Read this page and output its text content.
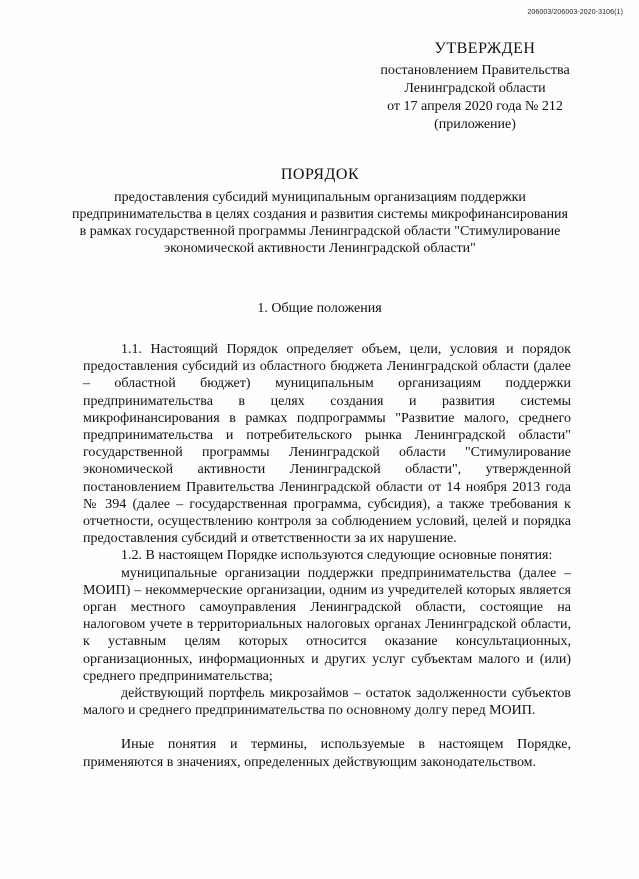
206003/206003-2020-3106(1)
УТВЕРЖДЕН
постановлением Правительства
Ленинградской области
от 17 апреля 2020 года № 212
(приложение)
ПОРЯДОК
предоставления субсидий муниципальным организациям поддержки предпринимательства в целях создания и развития системы микрофинансирования в рамках государственной программы Ленинградской области "Стимулирование экономической активности Ленинградской области"
1. Общие положения

1.1. Настоящий Порядок определяет объем, цели, условия и порядок предоставления субсидий из областного бюджета Ленинградской области (далее – областной бюджет) муниципальным организациям поддержки предпринимательства в целях создания и развития системы микрофинансирования в рамках подпрограммы "Развитие малого, среднего предпринимательства и потребительского рынка Ленинградской области" государственной программы Ленинградской области "Стимулирование экономической активности Ленинградской области", утвержденной постановлением Правительства Ленинградской области от 14 ноября 2013 года № 394 (далее – государственная программа, субсидия), а также требования к отчетности, осуществлению контроля за соблюдением условий, целей и порядка предоставления субсидий и ответственности за их нарушение.

1.2. В настоящем Порядке используются следующие основные понятия:

муниципальные организации поддержки предпринимательства (далее – МОИП) – некоммерческие организации, одним из учредителей которых является орган местного самоуправления Ленинградской области, состоящие на налоговом учете в территориальных налоговых органах Ленинградской области, к уставным целям которых относится оказание консультационных, организационных, информационных и других услуг субъектам малого и (или) среднего предпринимательства;

действующий портфель микрозаймов – остаток задолженности субъектов малого и среднего предпринимательства по основному долгу перед МОИП.

Иные понятия и термины, используемые в настоящем Порядке, применяются в значениях, определенных действующим законодательством.
